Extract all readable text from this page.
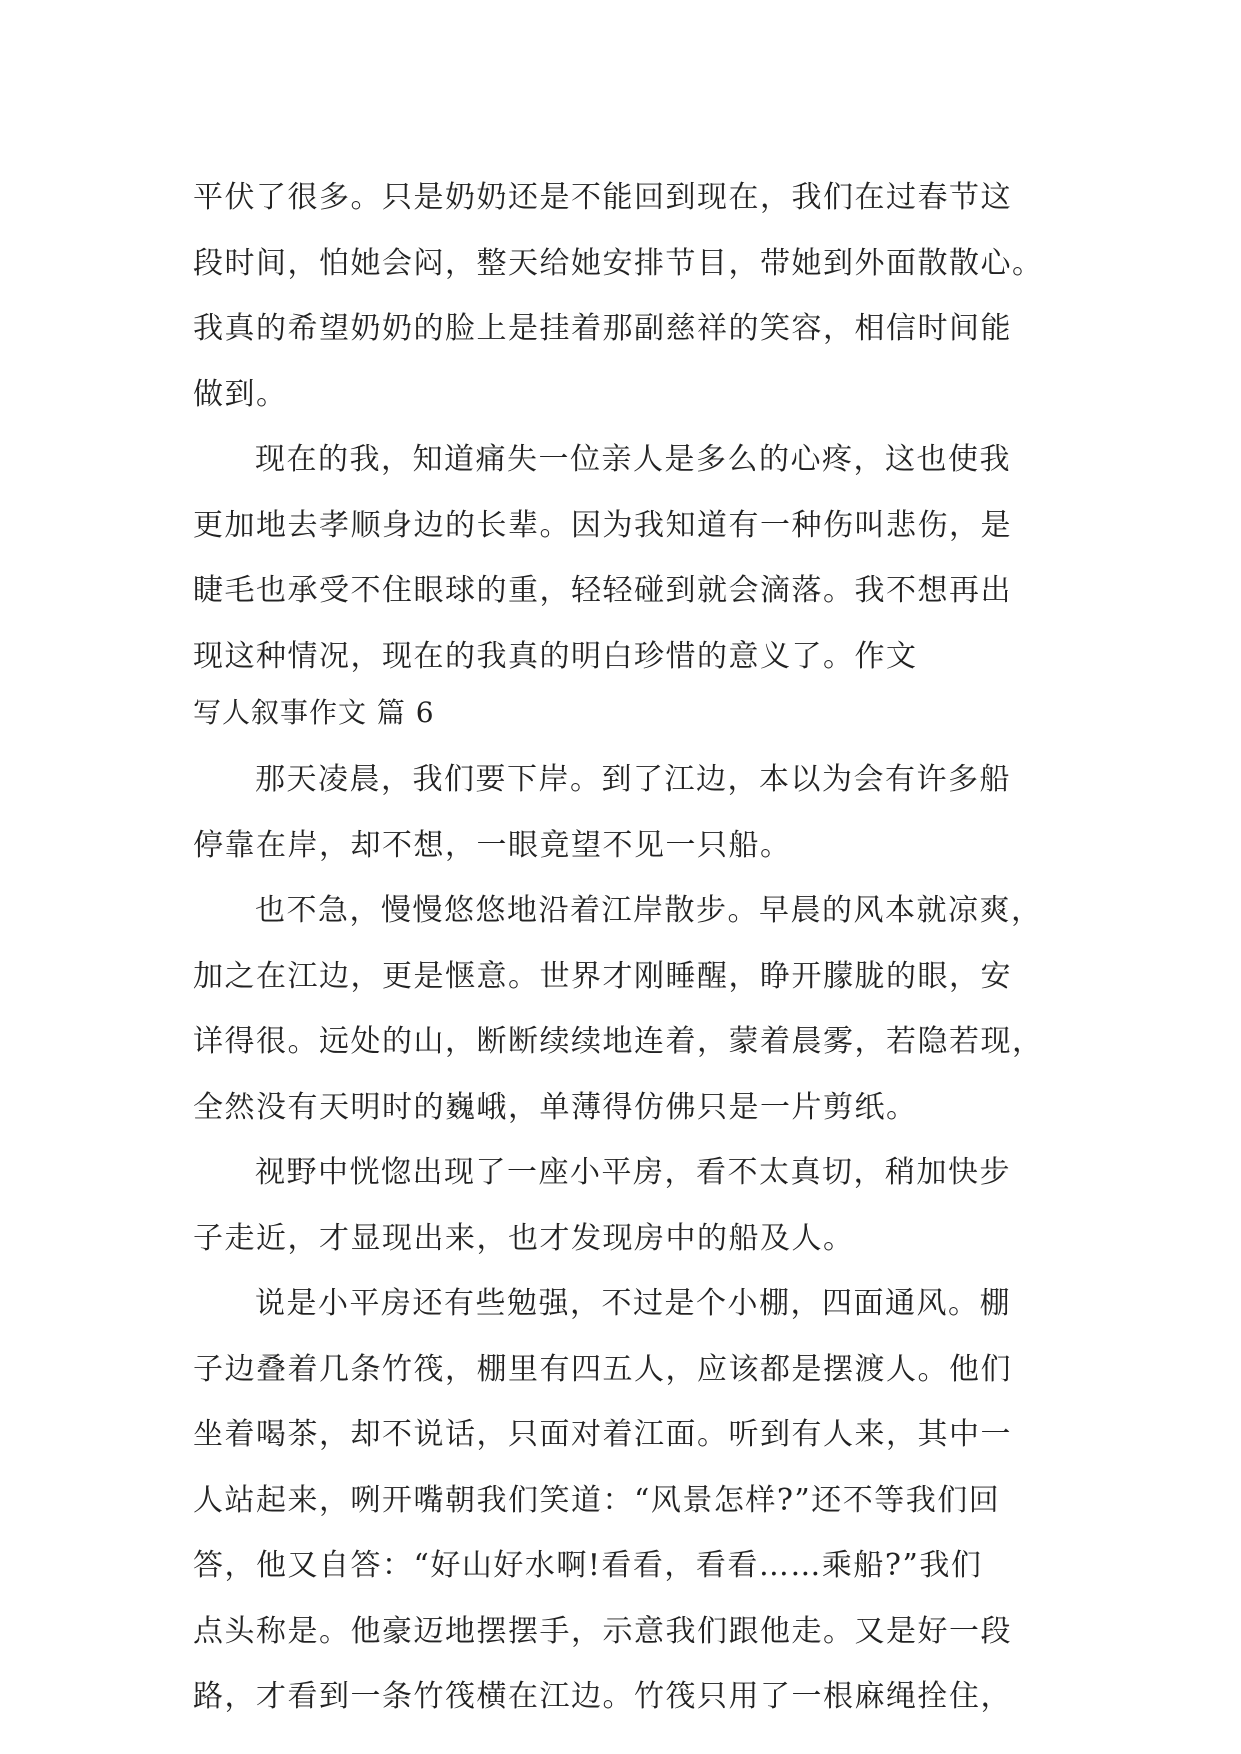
平伏了很多。只是奶奶还是不能回到现在，我们在过春节这
段时间，怕她会闷，整天给她安排节目，带她到外面散散心。
我真的希望奶奶的脸上是挂着那副慈祥的笑容，相信时间能
做到。
现在的我，知道痛失一位亲人是多么的心疼，这也使我
更加地去孝顺身边的长辈。因为我知道有一种伤叫悲伤，是
睫毛也承受不住眼球的重，轻轻碰到就会滴落。我不想再出
现这种情况，现在的我真的明白珍惜的意义了。作文
写人叙事作文 篇 6
那天凌晨，我们要下岸。到了江边，本以为会有许多船
停靠在岸，却不想，一眼竟望不见一只船。
也不急，慢慢悠悠地沿着江岸散步。早晨的风本就凉爽，
加之在江边，更是惬意。世界才刚睡醒，睁开朦胧的眼，安
详得很。远处的山，断断续续地连着，蒙着晨雾，若隐若现，
全然没有天明时的巍峨，单薄得仿佛只是一片剪纸。
视野中恍惚出现了一座小平房，看不太真切，稍加快步
子走近，才显现出来，也才发现房中的船及人。
说是小平房还有些勉强，不过是个小棚，四面通风。棚
子边叠着几条竹筏，棚里有四五人，应该都是摆渡人。他们
坐着喝茶，却不说话，只面对着江面。听到有人来，其中一
人站起来，咧开嘴朝我们笑道：“风景怎样?”还不等我们回
答，他又自答：“好山好水啊!看看，看看……乘船?”我们
点头称是。他豪迈地摆摆手，示意我们跟他走。又是好一段
路，才看到一条竹筏横在江边。竹筏只用了一根麻绳拴住，
